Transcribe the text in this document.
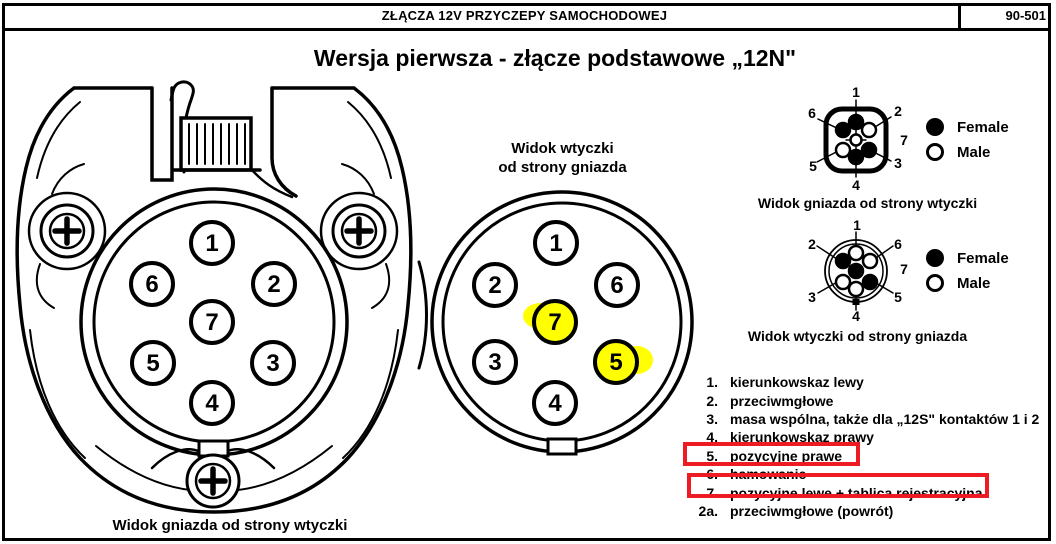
ZŁĄCZA 12V PRZYCZEPY SAMOCHODOWEJ	90-501
Wersja pierwsza - złącze podstawowe „12N"
1
6	2
7
5	3
4
Widok gniazda od strony wtyczki
Widok wtyczki
od strony gniazda
1
2	6
7
3	5
4
1
6	2
7
5	3
4
Female
Male
Widok gniazda od strony wtyczki
1
2	6
7
3	5
4
Female
Male
Widok wtyczki od strony gniazda
1. kierunkowskaz lewy
2. przeciwmgłowe
3. masa wspólna, także dla „12S" kontaktów 1 i 2
4. kierunkowskaz prawy
5. pozycyjne prawe
6. hamowanie
7. pozycyjne lewe + tablica rejestracyjna
2a. przeciwmgłowe (powrót)
